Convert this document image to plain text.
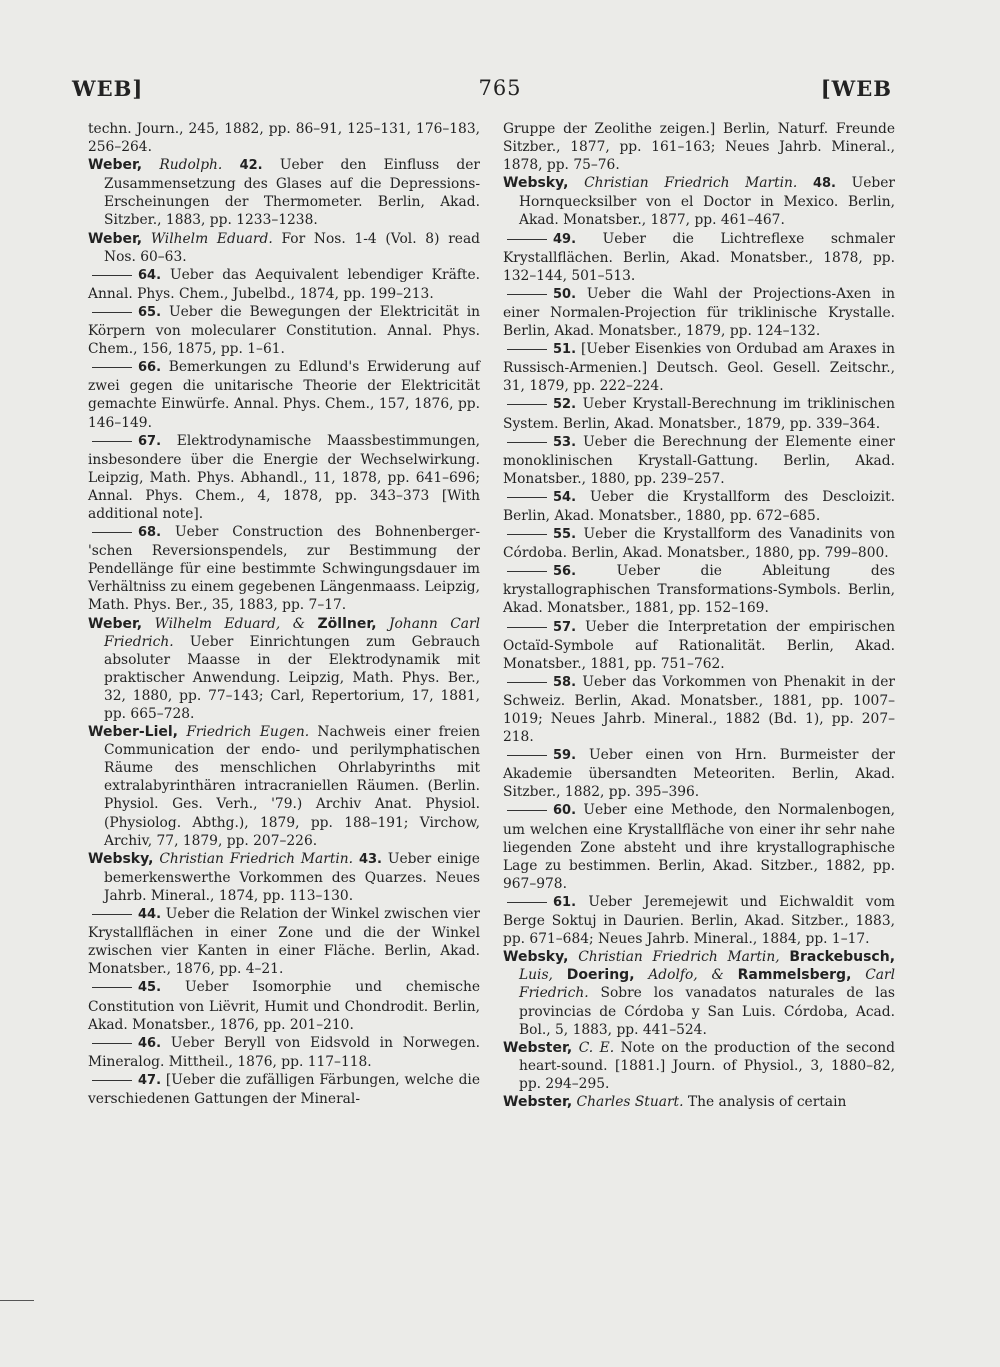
WEB]	765	[WEB

techn. Journ., 245, 1882, pp. 86–91, 125–131, 176–183, 256–264.

Weber, Rudolph. 42. Ueber den Einfluss der Zusammensetzung des Glases auf die Depressions-Erscheinungen der Thermometer. Berlin, Akad. Sitzber., 1883, pp. 1233–1238.

Weber, Wilhelm Eduard. For Nos. 1-4 (Vol. 8) read Nos. 60–63.

64. Ueber das Aequivalent lebendiger Kräfte. Annal. Phys. Chem., Jubelbd., 1874, pp. 199–213.

65. Ueber die Bewegungen der Elektricität in Körpern von molecularer Constitution. Annal. Phys. Chem., 156, 1875, pp. 1–61.

66. Bemerkungen zu Edlund's Erwiderung auf zwei gegen die unitarische Theorie der Elektricität gemachte Einwürfe. Annal. Phys. Chem., 157, 1876, pp. 146–149.

67. Elektrodynamische Maassbestimmungen, insbesondere über die Energie der Wechselwirkung. Leipzig, Math. Phys. Abhandl., 11, 1878, pp. 641–696; Annal. Phys. Chem., 4, 1878, pp. 343–373 [With additional note].

68. Ueber Construction des Bohnenberger-'schen Reversionspendels, zur Bestimmung der Pendellänge für eine bestimmte Schwingungsdauer im Verhältniss zu einem gegebenen Längenmaass. Leipzig, Math. Phys. Ber., 35, 1883, pp. 7–17.

Weber, Wilhelm Eduard, & Zöllner, Johann Carl Friedrich. Ueber Einrichtungen zum Gebrauch absoluter Maasse in der Elektrodynamik mit praktischer Anwendung. Leipzig, Math. Phys. Ber., 32, 1880, pp. 77–143; Carl, Repertorium, 17, 1881, pp. 665–728.

Weber-Liel, Friedrich Eugen. Nachweis einer freien Communication der endo- und perilymphatischen Räume des menschlichen Ohrlabyrinths mit extralabyrinthären intracraniellen Räumen. (Berlin. Physiol. Ges. Verh., '79.) Archiv Anat. Physiol. (Physiolog. Abthg.), 1879, pp. 188–191; Virchow, Archiv, 77, 1879, pp. 207–226.

Websky, Christian Friedrich Martin. 43. Ueber einige bemerkenswerthe Vorkommen des Quarzes. Neues Jahrb. Mineral., 1874, pp. 113–130.

44. Ueber die Relation der Winkel zwischen vier Krystallflächen in einer Zone und die der Winkel zwischen vier Kanten in einer Fläche. Berlin, Akad. Monatsber., 1876, pp. 4–21.

45. Ueber Isomorphie und chemische Constitution von Liëvrit, Humit und Chondrodit. Berlin, Akad. Monatsber., 1876, pp. 201–210.

46. Ueber Beryll von Eidsvold in Norwegen. Mineralog. Mittheil., 1876, pp. 117–118.

47. [Ueber die zufälligen Färbungen, welche die verschiedenen Gattungen der Mineral-

Gruppe der Zeolithe zeigen.] Berlin, Naturf. Freunde Sitzber., 1877, pp. 161–163; Neues Jahrb. Mineral., 1878, pp. 75–76.

Websky, Christian Friedrich Martin. 48. Ueber Hornquecksilber von el Doctor in Mexico. Berlin, Akad. Monatsber., 1877, pp. 461–467.

49. Ueber die Lichtreflexe schmaler Krystallflächen. Berlin, Akad. Monatsber., 1878, pp. 132–144, 501–513.

50. Ueber die Wahl der Projections-Axen in einer Normalen-Projection für triklinische Krystalle. Berlin, Akad. Monatsber., 1879, pp. 124–132.

51. [Ueber Eisenkies von Ordubad am Araxes in Russisch-Armenien.] Deutsch. Geol. Gesell. Zeitschr., 31, 1879, pp. 222–224.

52. Ueber Krystall-Berechnung im triklinischen System. Berlin, Akad. Monatsber., 1879, pp. 339–364.

53. Ueber die Berechnung der Elemente einer monoklinischen Krystall-Gattung. Berlin, Akad. Monatsber., 1880, pp. 239–257.

54. Ueber die Krystallform des Descloizit. Berlin, Akad. Monatsber., 1880, pp. 672–685.

55. Ueber die Krystallform des Vanadinits von Córdoba. Berlin, Akad. Monatsber., 1880, pp. 799–800.

56.	Ueber die Ableitung des krystallographischen Transformations-Symbols. Berlin, Akad. Monatsber., 1881, pp. 152–169.

57. Ueber die Interpretation der empirischen Octaïd-Symbole auf Rationalität. Berlin, Akad. Monatsber., 1881, pp. 751–762.

58. Ueber das Vorkommen von Phenakit in der Schweiz. Berlin, Akad. Monatsber., 1881, pp. 1007–1019; Neues Jahrb. Mineral., 1882 (Bd. 1), pp. 207–218.

59. Ueber einen von Hrn. Burmeister der Akademie übersandten Meteoriten. Berlin, Akad. Sitzber., 1882, pp. 395–396.

60. Ueber eine Methode, den Normalenbogen, um welchen eine Krystallfläche von einer ihr sehr nahe liegenden Zone absteht und ihre krystallographische Lage zu bestimmen. Berlin, Akad. Sitzber., 1882, pp. 967–978.

61. Ueber Jeremejewit und Eichwaldit vom Berge Soktuj in Daurien. Berlin, Akad. Sitzber., 1883, pp. 671–684; Neues Jahrb. Mineral., 1884, pp. 1–17.

Websky, Christian Friedrich Martin, Brackebusch, Luis, Doering, Adolfo, & Rammelsberg, Carl Friedrich. Sobre los vanadatos naturales de las provincias de Córdoba y San Luis. Córdoba, Acad. Bol., 5, 1883, pp. 441–524.

Webster, C. E. Note on the production of the second heart-sound. [1881.] Journ. of Physiol., 3, 1880–82, pp. 294–295.

Webster, Charles Stuart. The analysis of certain
